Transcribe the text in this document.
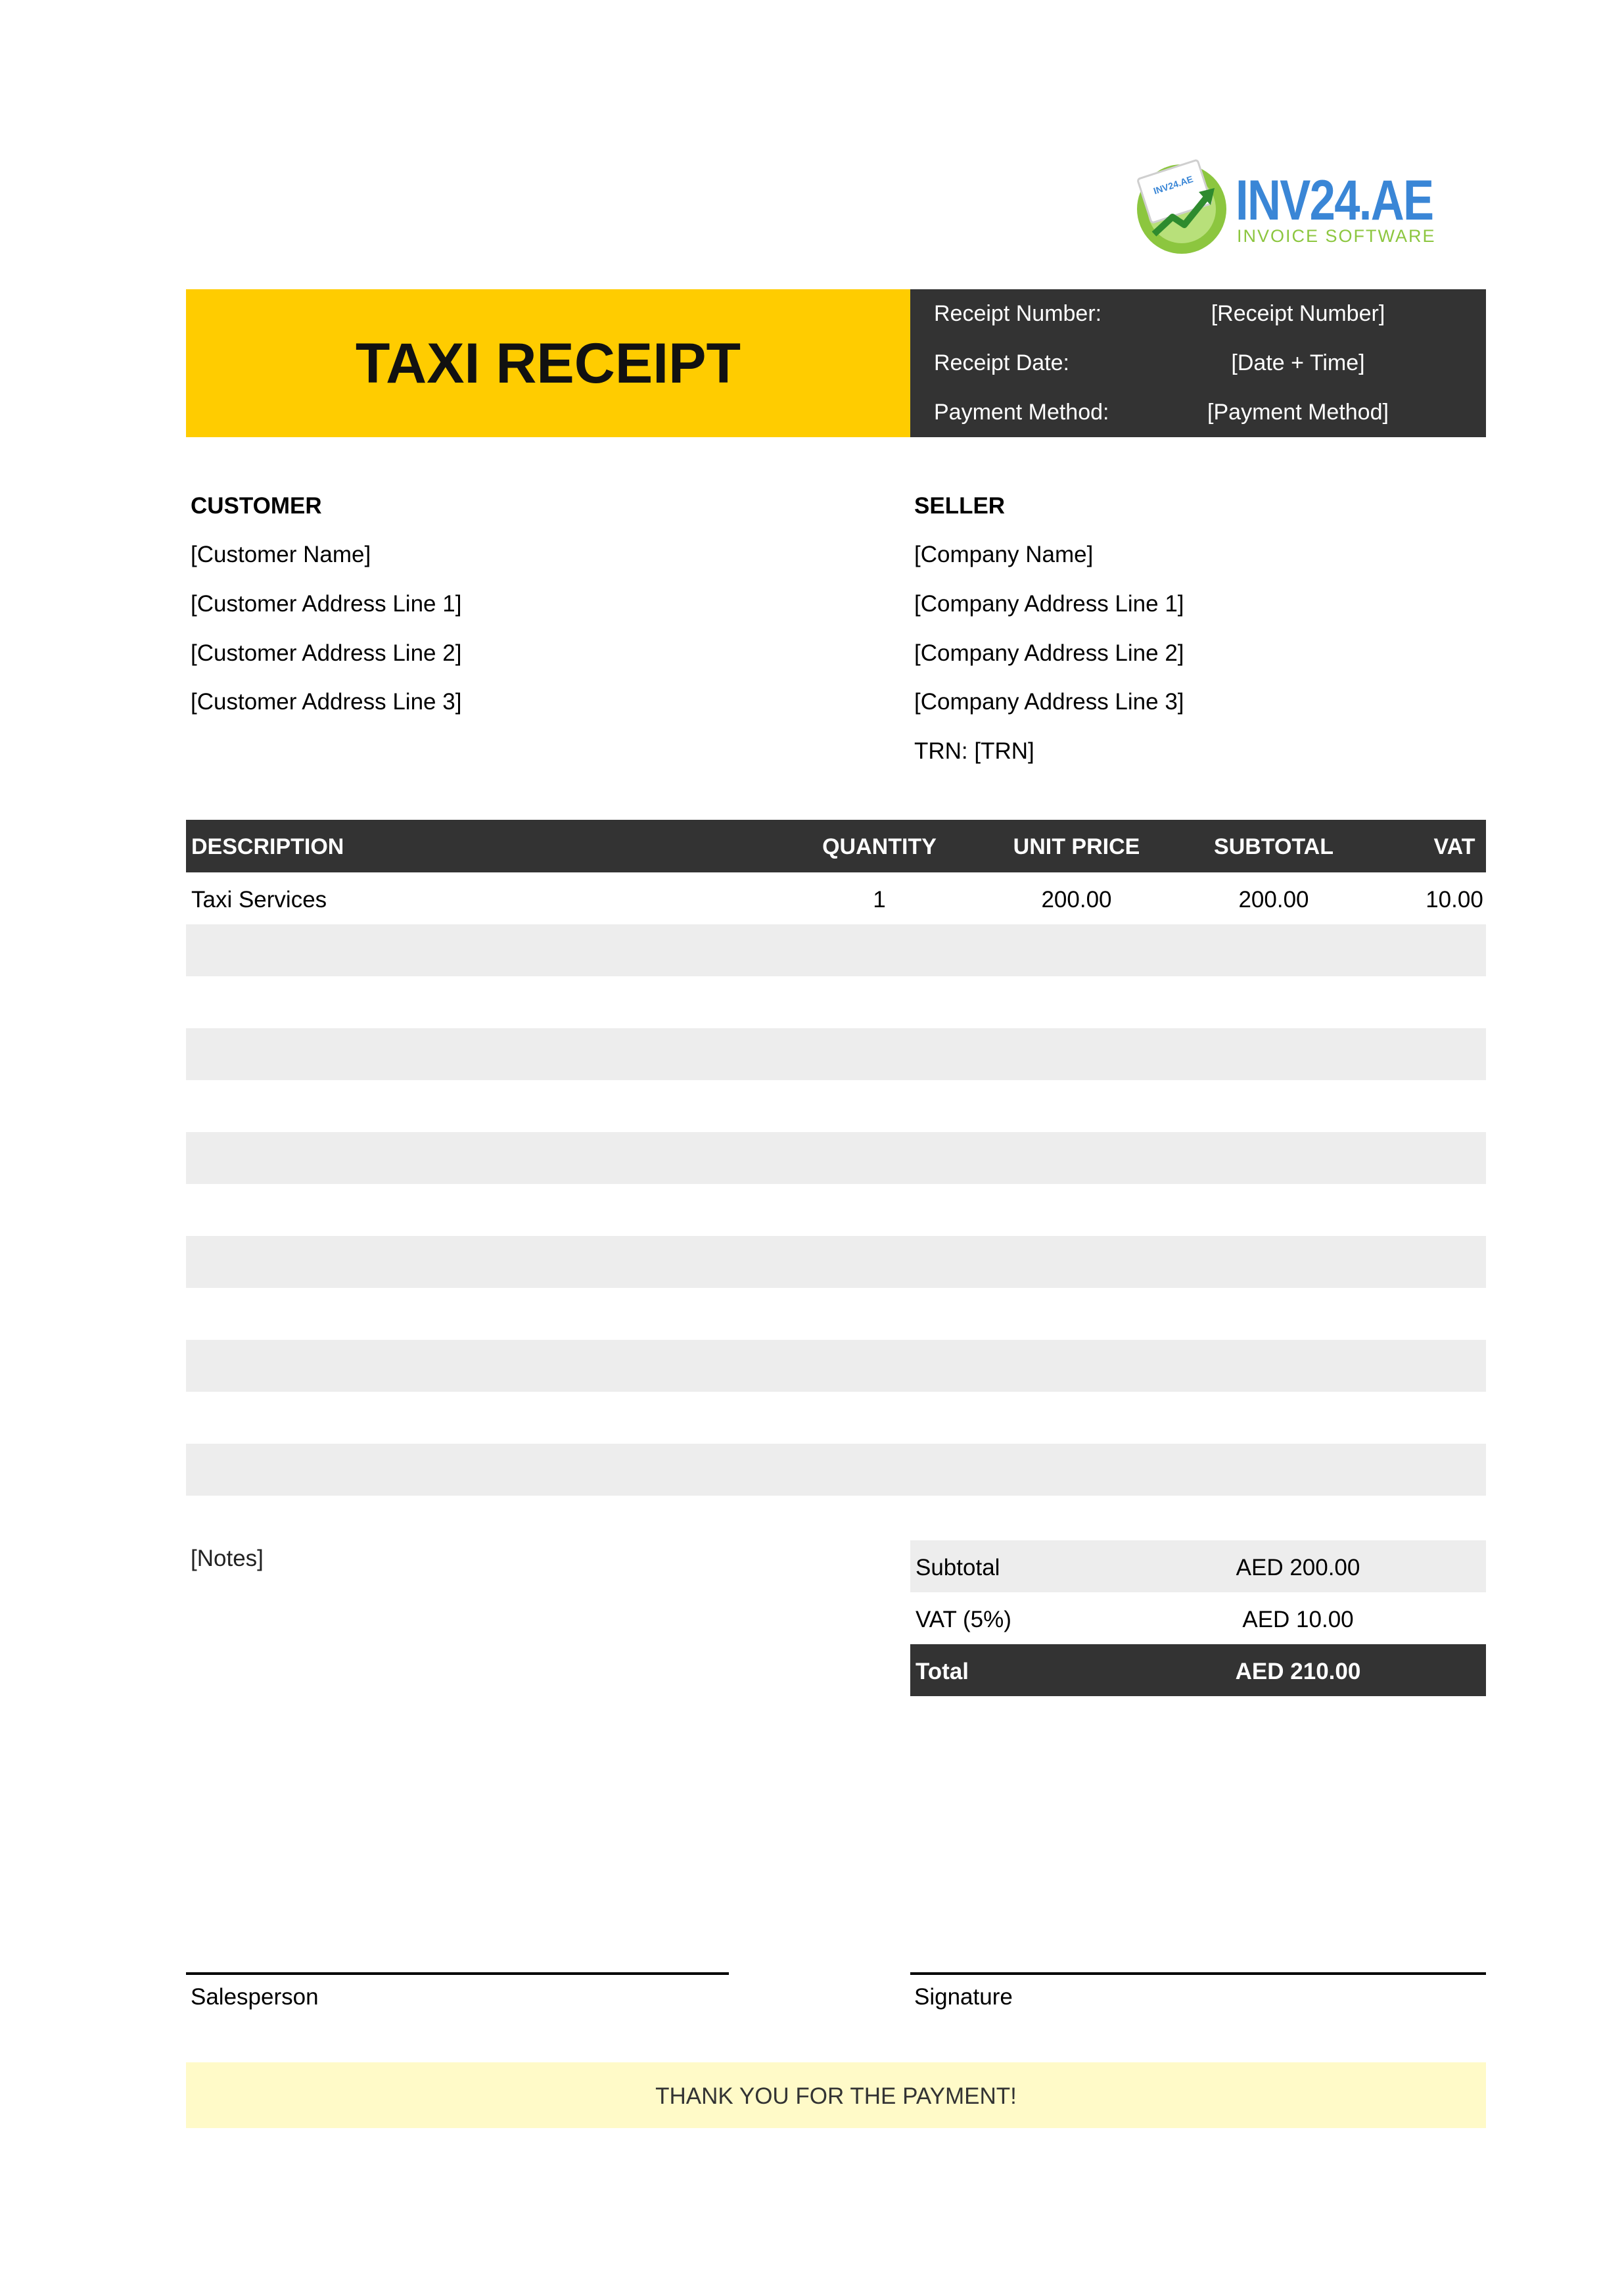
INV24.AE INV24.AE
INVOICE SOFTWARE
TAXI RECEIPT
Receipt Number:	[Receipt Number]
Receipt Date:	[Date + Time]
Payment Method:	[Payment Method]
CUSTOMER
[Customer Name]
[Customer Address Line 1]
[Customer Address Line 2]
[Customer Address Line 3]
SELLER
[Company Name]
[Company Address Line 1]
[Company Address Line 2]
[Company Address Line 3]
TRN: [TRN]
DESCRIPTION	QUANTITY	UNIT PRICE	SUBTOTAL	VAT
Taxi Services	1	200.00	200.00	10.00
[Notes]	Subtotal	AED 200.00
VAT (5%)	AED 10.00
Total	AED 210.00
Salesperson	Signature
THANK YOU FOR THE PAYMENT!
